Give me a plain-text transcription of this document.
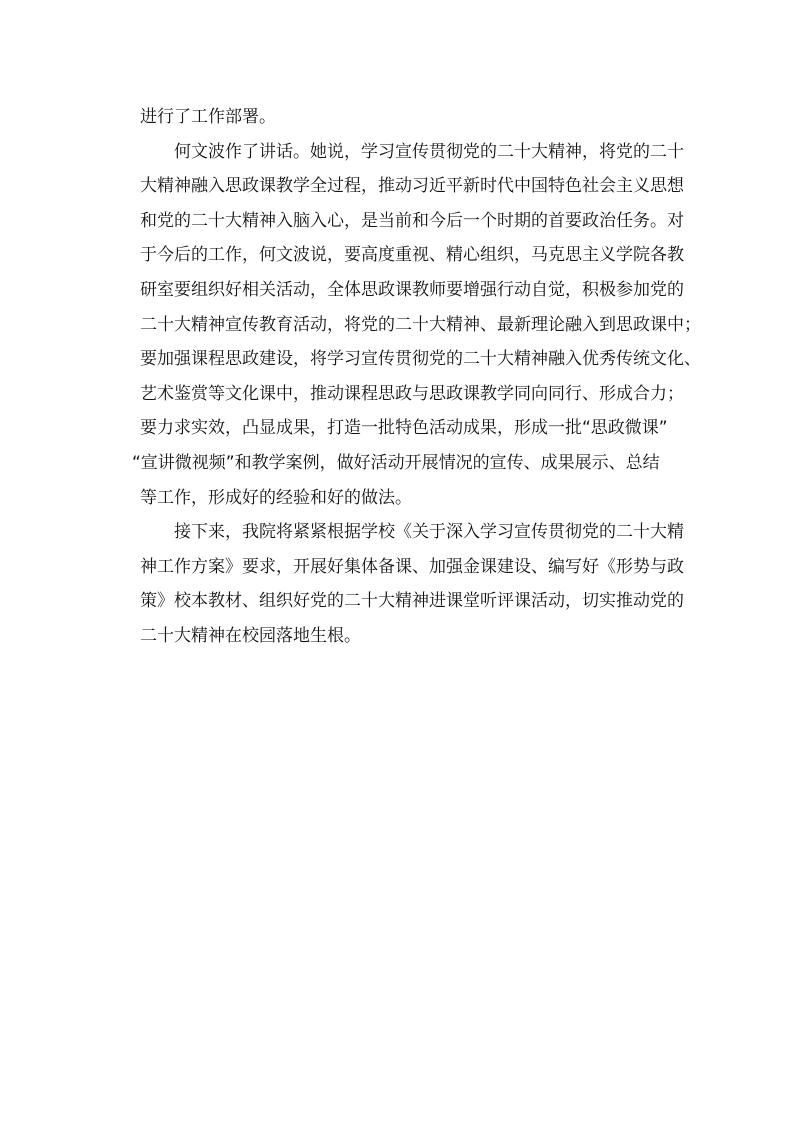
进行了工作部署。
何文波作了讲话。她说，学习宣传贯彻党的二十大精神，将党的二十
大精神融入思政课教学全过程，推动习近平新时代中国特色社会主义思想
和党的二十大精神入脑入心，是当前和今后一个时期的首要政治任务。对
于今后的工作，何文波说，要高度重视、精心组织，马克思主义学院各教
研室要组织好相关活动，全体思政课教师要增强行动自觉，积极参加党的
二十大精神宣传教育活动，将党的二十大精神、最新理论融入到思政课中；
要加强课程思政建设，将学习宣传贯彻党的二十大精神融入优秀传统文化、
艺术鉴赏等文化课中，推动课程思政与思政课教学同向同行、形成合力；
要力求实效，凸显成果，打造一批特色活动成果，形成一批“思政微课”
“宣讲微视频”和教学案例，做好活动开展情况的宣传、成果展示、总结
等工作，形成好的经验和好的做法。
接下来，我院将紧紧根据学校《关于深入学习宣传贯彻党的二十大精
神工作方案》要求，开展好集体备课、加强金课建设、编写好《形势与政
策》校本教材、组织好党的二十大精神进课堂听评课活动，切实推动党的
二十大精神在校园落地生根。
